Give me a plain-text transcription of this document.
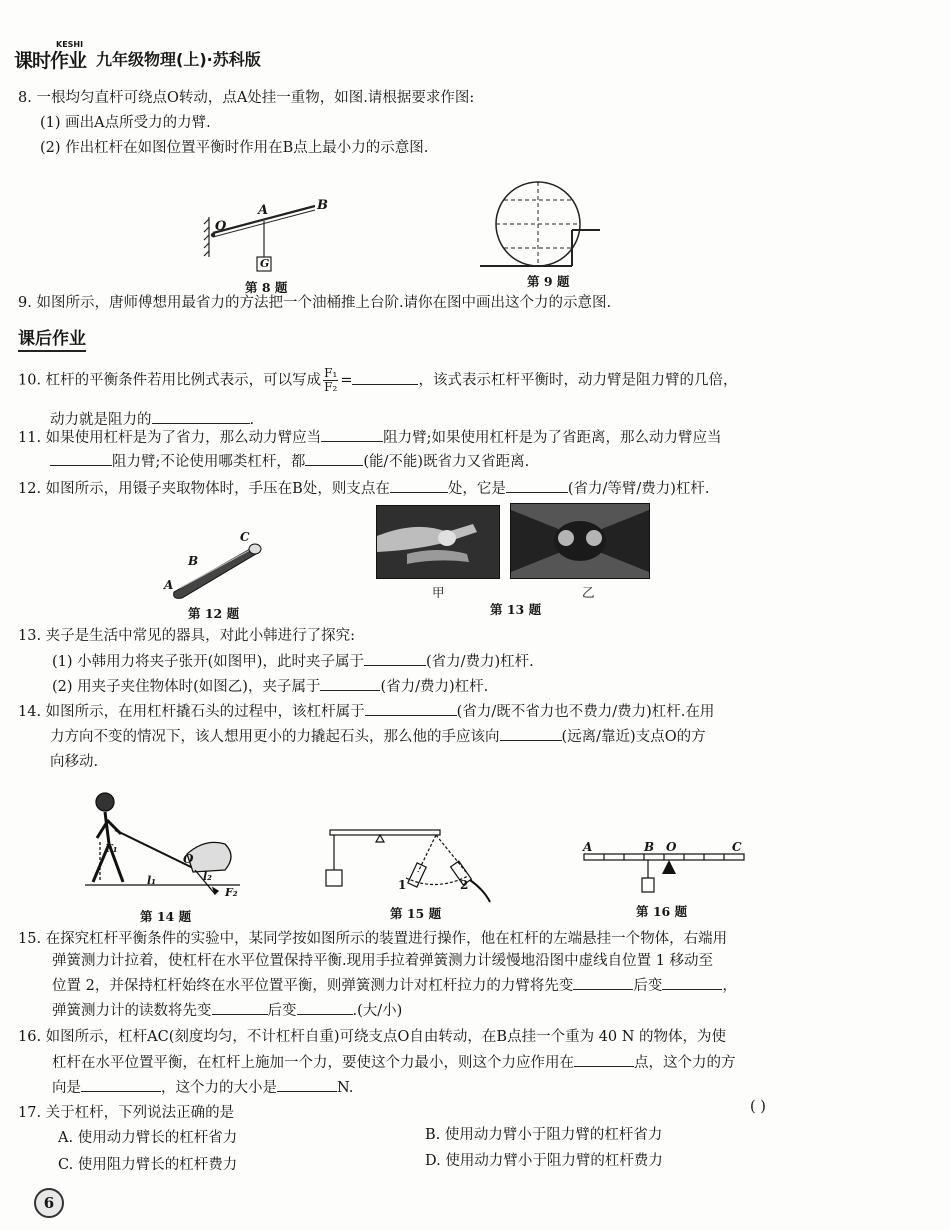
课时作业
KESHI
九年级物理(上)·苏科版
8. 一根均匀直杆可绕点O转动，点A处挂一重物，如图.请根据要求作图:
(1) 画出A点所受力的力臂.
(2) 作出杠杆在如图位置平衡时作用在B点上最小力的示意图.
O
A	B
G
第 8 题	第 9 题
9. 如图所示，唐师傅想用最省力的方法把一个油桶推上台阶.请你在图中画出这个力的示意图.
课后作业
10. 杠杆的平衡条件若用比例式表示，可以写成 $\frac{\text{F₁}}{\text{F₂}}$ =	，该式表示杠杆平衡时，动力臂是阻力臂的几倍，
动力就是阻力的	.
11. 如果使用杠杆是为了省力，那么动力臂应当	阻力臂;如果使用杠杆是为了省距离，那么动力臂应当
阻力臂;不论使用哪类杠杆，都	(能/不能)既省力又省距离.
12. 如图所示，用镊子夹取物体时，手压在B处，则支点在	处，它是	(省力/等臂/费力)杠杆.
A
B
C
第 12 题
甲	乙
第 13 题
13. 夹子是生活中常见的器具，对此小韩进行了探究:
(1) 小韩用力将夹子张开(如图甲)，此时夹子属于	(省力/费力)杠杆.
(2) 用夹子夹住物体时(如图乙)，夹子属于	(省力/费力)杠杆.
14. 如图所示，在用杠杆撬石头的过程中，该杠杆属于	(省力/既不省力也不费力/费力)杠杆.在用
力方向不变的情况下，该人想用更小的力撬起石头，那么他的手应该向	(远离/靠近)支点O的方
向移动.
F₁
l₁
O
l₂
F₂
第 14 题
1	2
第 15 题
A	B O	C
第 16 题
15. 在探究杠杆平衡条件的实验中，某同学按如图所示的装置进行操作，他在杠杆的左端悬挂一个物体，右端用
弹簧测力计拉着，使杠杆在水平位置保持平衡.现用手拉着弹簧测力计缓慢地沿图中虚线自位置 1 移动至
位置 2，并保持杠杆始终在水平位置平衡，则弹簧测力计对杠杆拉力的力臂将先变	后变	，
弹簧测力计的读数将先变	后变	.(大/小)
16. 如图所示，杠杆AC(刻度均匀，不计杠杆自重)可绕支点O自由转动，在B点挂一个重为 40 N 的物体，为使
杠杆在水平位置平衡，在杠杆上施加一个力，要使这个力最小，则这个力应作用在	点，这个力的方
向是	，这个力的大小是	N.
17. 关于杠杆，下列说法正确的是	( )
A. 使用动力臂长的杠杆省力	B. 使用动力臂小于阻力臂的杠杆省力
C. 使用阻力臂长的杠杆费力	D. 使用动力臂小于阻力臂的杠杆费力
6
